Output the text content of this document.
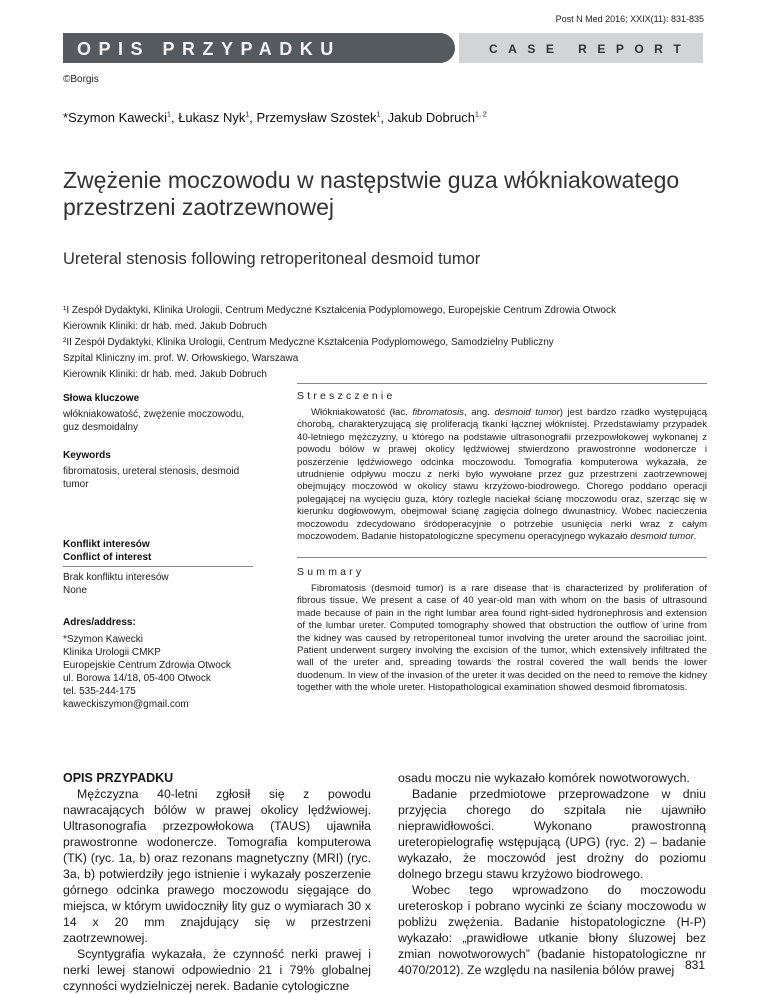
Post N Med 2016; XXIX(11): 831-835
OPIS PRZYPADKU	CASE REPORT
©Borgis
*Szymon Kawecki$^1$, Łukasz Nyk$^1$, Przemysław Szostek$^1$, Jakub Dobruch$^{1, 2}$
Zwężenie moczowodu w następstwie guza włókniakowatego przestrzeni zaotrzewnowej
Ureteral stenosis following retroperitoneal desmoid tumor

¹I Zespół Dydaktyki, Klinika Urologii, Centrum Medyczne Kształcenia Podyplomowego, Europejskie Centrum Zdrowia Otwock

Kierownik Kliniki: dr hab. med. Jakub Dobruch

²II Zespół Dydaktyki, Klinika Urologii, Centrum Medyczne Kształcenia Podyplomowego, Samodzielny Publiczny

Szpital Kliniczny im. prof. W. Orłowskiego, Warszawa

Kierownik Kliniki: dr hab. med. Jakub Dobruch

Słowa kluczowe

włókniakowatość, zwężenie moczowodu, guz desmoidalny

Keywords

fibromatosis, ureteral stenosis, desmoid tumor

Konflikt interesów

Conflict of interest

Brak konfliktu interesów

None

Adres/address:

*Szymon Kawecki

Klinika Urologii CMKP

Europejskie Centrum Zdrowia Otwock

ul. Borowa 14/18, 05-400 Otwock

tel. 535-244-175

kaweckiszymon@gmail.com

Streszczenie

Włókniakowatość (łac. fibromatosis, ang. desmoid tumor) jest bardzo rzadko występującą chorobą, charakteryzującą się proliferacją tkanki łącznej włóknistej. Przedstawiamy przypadek 40-letniego mężczyzny, u którego na podstawie ultrasonografii przezpowłokowej wykonanej z powodu bólów w prawej okolicy lędźwiowej stwierdzono prawostronne wodonercze i poszerzenie lędźwiowego odcinka moczowodu. Tomografia komputerowa wykazała, że utrudnienie odpływu moczu z nerki było wywołane przez guz przestrzeni zaotrzewnowej obejmujący moczowód w okolicy stawu krzyżowo-biodrowego. Chorego poddano operacji polegającej na wycięciu guza, który rozlegle naciekał ścianę moczowodu oraz, szerząc się w kierunku dogłowowym, obejmował ścianę zagięcia dolnego dwunastnicy. Wobec nacieczenia moczowodu zdecydowano śródoperacyjnie o potrzebie usunięcia nerki wraz z całym moczowodem. Badanie histopatologiczne specymenu operacyjnego wykazało desmoid tumor.

Summary

Fibromatosis (desmoid tumor) is a rare disease that is characterized by proliferation of fibrous tissue. We present a case of 40 year-old man with whom on the basis of ultrasound made because of pain in the right lumbar area found right-sided hydronephrosis and extension of the lumbar ureter. Computed tomography showed that obstruction the outflow of urine from the kidney was caused by retroperitoneal tumor involving the ureter around the sacroiliac joint. Patient underwent surgery involving the excision of the tumor, which extensively infiltrated the wall of the ureter and, spreading towards the rostral covered the wall bends the lower duodenum. In view of the invasion of the ureter it was decided on the need to remove the kidney together with the whole ureter. Histopathological examination showed desmoid fibromatosis.

OPIS PRZYPADKU

Mężczyzna 40-letni zgłosił się z powodu nawracających bólów w prawej okolicy lędźwiowej. Ultrasonografia przezpowłokowa (TAUS) ujawniła prawostronne wodonercze. Tomografia komputerowa (TK) (ryc. 1a, b) oraz rezonans magnetyczny (MRI) (ryc. 3a, b) potwierdziły jego istnienie i wykazały poszerzenie górnego odcinka prawego moczowodu sięgające do miejsca, w którym uwidoczniły lity guz o wymiarach 30 x 14 x 20 mm znajdujący się w przestrzeni zaotrzewnowej.

Scyntygrafia wykazała, że czynność nerki prawej i nerki lewej stanowi odpowiednio 21 i 79% globalnej czynności wydzielniczej nerek. Badanie cytologiczne

osadu moczu nie wykazało komórek nowotworowych.

Badanie przedmiotowe przeprowadzone w dniu przyjęcia chorego do szpitala nie ujawniło nieprawidłowości. Wykonano prawostronną ureteropielografię wstępującą (UPG) (ryc. 2) – badanie wykazało, że moczowód jest drożny do poziomu dolnego brzegu stawu krzyżowo biodrowego.

Wobec tego wprowadzono do moczowodu ureteroskop i pobrano wycinki ze ściany moczowodu w pobliżu zwężenia. Badanie histopatologiczne (H-P) wykazało: „prawidłowe utkanie błony śluzowej bez zmian nowotworowych” (badanie histopatologiczne nr 4070/2012). Ze względu na nasilenia bólów prawej 831
